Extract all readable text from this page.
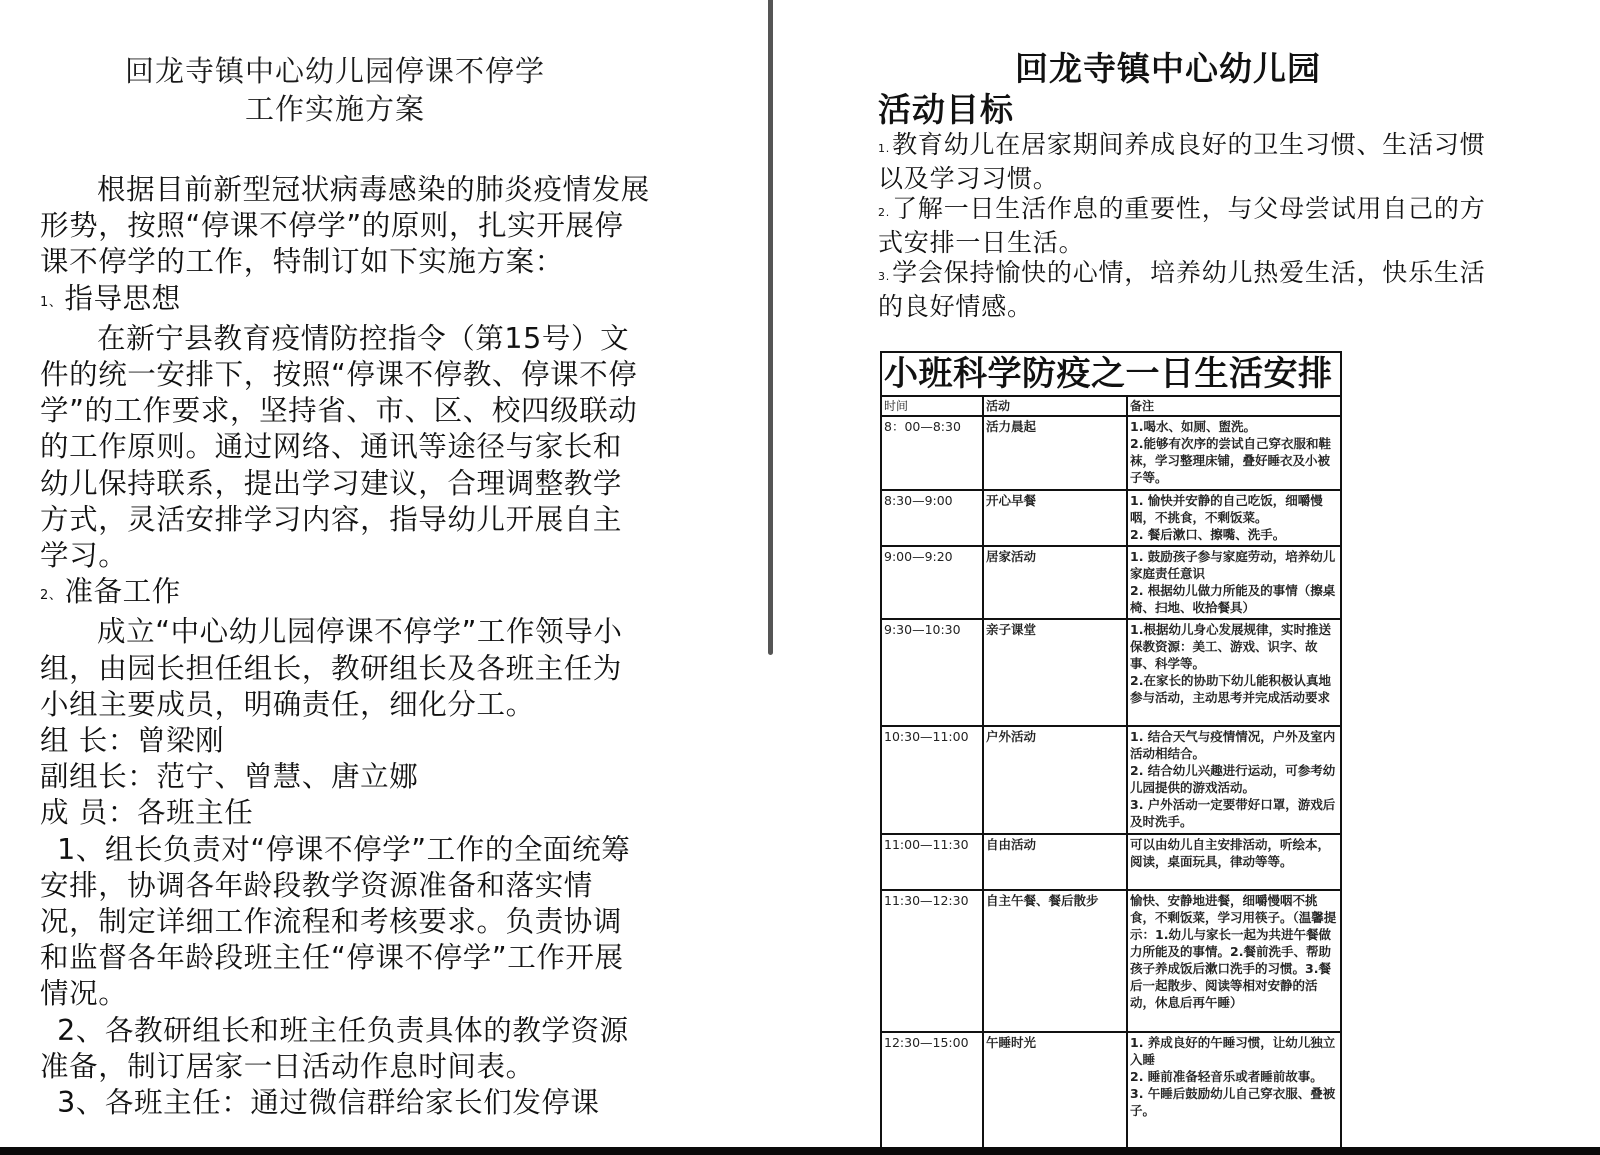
回龙寺镇中心幼儿园停课不停学

工作实施方案

根据目前新型冠状病毒感染的肺炎疫情发展形势，按照“停课不停学”的原则，扎实开展停课不停学的工作，特制订如下实施方案：

1、指导思想

在新宁县教育疫情防控指令（第15号）文件的统一安排下，按照“停课不停教、停课不停学”的工作要求，坚持省、市、区、校四级联动的工作原则。通过网络、通讯等途径与家长和幼儿保持联系，提出学习建议，合理调整教学方式，灵活安排学习内容，指导幼儿开展自主学习。

2、准备工作

成立“中心幼儿园停课不停学”工作领导小组，由园长担任组长，教研组长及各班主任为小组主要成员，明确责任，细化分工。

组 长：曾梁刚

副组长：范宁、曾慧、唐立娜

成 员：各班主任

1、组长负责对“停课不停学”工作的全面统筹安排，协调各年龄段教学资源准备和落实情况，制定详细工作流程和考核要求。负责协调和监督各年龄段班主任“停课不停学”工作开展情况。

2、各教研组长和班主任负责具体的教学资源准备，制订居家一日活动作息时间表。

3、各班主任：通过微信群给家长们发停课

回龙寺镇中心幼儿园
活动目标

1.教育幼儿在居家期间养成良好的卫生习惯、生活习惯以及学习习惯。

2.了解一日生活作息的重要性，与父母尝试用自己的方式安排一日生活。

3.学会保持愉快的心情，培养幼儿热爱生活，快乐生活的良好情感。

小班科学防疫之一日生活安排
时间	活动	备注
8：00—8:30	活力晨起	1.喝水、如厕、盥洗。
2.能够有次序的尝试自己穿衣服和鞋袜，学习整理床铺，叠好睡衣及小被子等。

8:30—9:00	开心早餐	1. 愉快并安静的自己吃饭，细嚼慢咽，不挑食，不剩饭菜。
2. 餐后漱口、擦嘴、洗手。

9:00—9:20	居家活动	1. 鼓励孩子参与家庭劳动，培养幼儿家庭责任意识
2. 根据幼儿做力所能及的事情（擦桌椅、扫地、收拾餐具）

9:30—10:30	亲子课堂	1.根据幼儿身心发展规律，实时推送保教资源：美工、游戏、识字、故事、科学等。
2.在家长的协助下幼儿能积极认真地参与活动，主动思考并完成活动要求

10:30—11:00	户外活动	1. 结合天气与疫情情况，户外及室内活动相结合。
2. 结合幼儿兴趣进行运动，可参考幼儿园提供的游戏活动。
3. 户外活动一定要带好口罩，游戏后及时洗手。

11:00—11:30	自由活动	可以由幼儿自主安排活动，听绘本，阅读，桌面玩具，律动等等。

11:30—12:30	自主午餐、餐后散步	愉快、安静地进餐，细嚼慢咽不挑食，不剩饭菜，学习用筷子。（温馨提示：1.幼儿与家长一起为共进午餐做力所能及的事情。2.餐前洗手、帮助孩子养成饭后漱口洗手的习惯。3.餐后一起散步、阅读等相对安静的活动，休息后再午睡）

12:30—15:00	午睡时光	1. 养成良好的午睡习惯，让幼儿独立入睡
2. 睡前准备轻音乐或者睡前故事。
3. 午睡后鼓励幼儿自己穿衣服、叠被子。
